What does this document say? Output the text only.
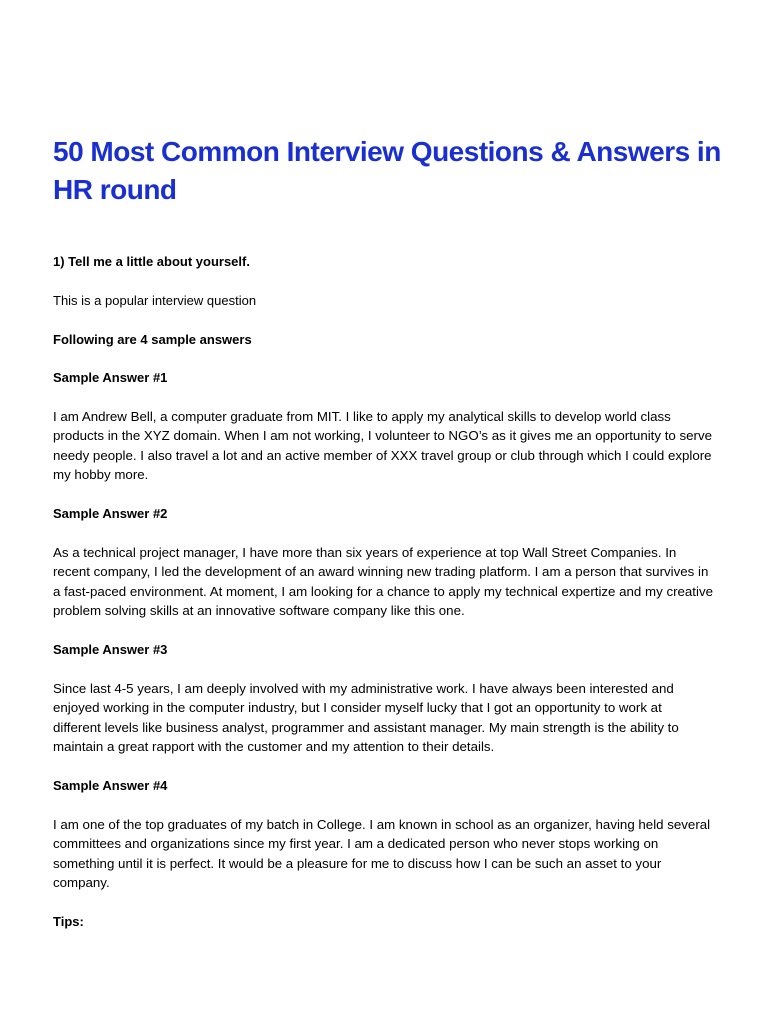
50 Most Common Interview Questions & Answers in HR round

1) Tell me a little about yourself.

This is a popular interview question

Following are 4 sample answers

Sample Answer #1

I am Andrew Bell, a computer graduate from MIT. I like to apply my analytical skills to develop world class products in the XYZ domain. When I am not working, I volunteer to NGO’s as it gives me an opportunity to serve needy people. I also travel a lot and an active member of XXX travel group or club through which I could explore my hobby more.

Sample Answer #2

As a technical project manager, I have more than six years of experience at top Wall Street Companies. In recent company, I led the development of an award winning new trading platform. I am a person that survives in a fast-paced environment. At moment, I am looking for a chance to apply my technical expertize and my creative problem solving skills at an innovative software company like this one.

Sample Answer #3

Since last 4-5 years, I am deeply involved with my administrative work. I have always been interested and enjoyed working in the computer industry, but I consider myself lucky that I got an opportunity to work at different levels like business analyst, programmer and assistant manager. My main strength is the ability to maintain a great rapport with the customer and my attention to their details.

Sample Answer #4

I am one of the top graduates of my batch in College. I am known in school as an organizer, having held several committees and organizations since my first year. I am a dedicated person who never stops working on something until it is perfect. It would be a pleasure for me to discuss how I can be such an asset to your company.

Tips:
